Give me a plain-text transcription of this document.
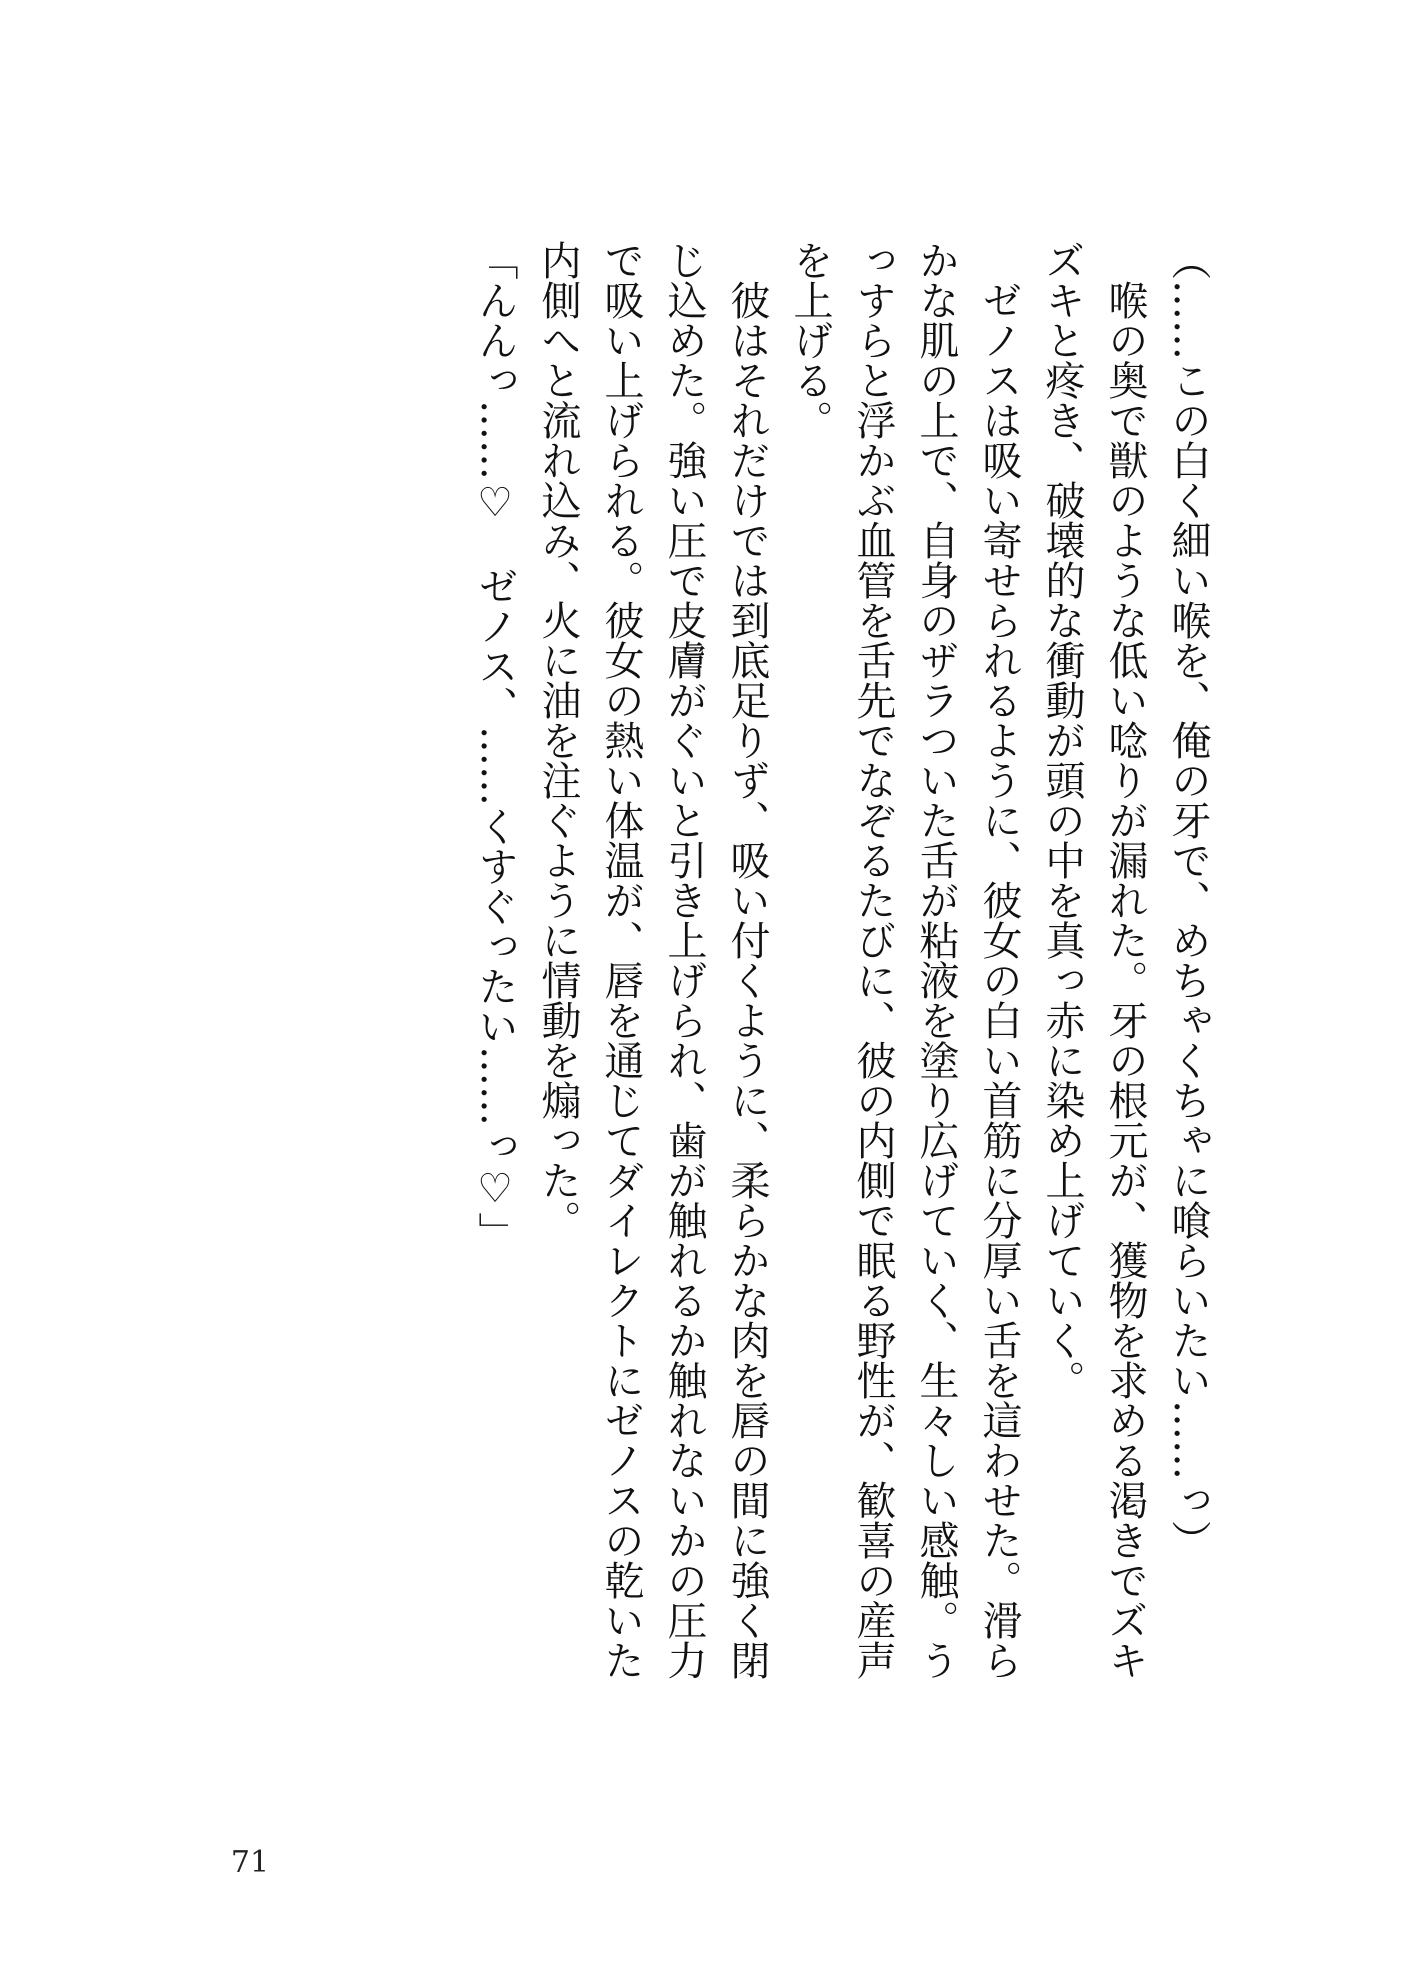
（……この白く細い喉を、俺の牙で、めちゃくちゃに喰らいたい……っ）

喉の奥で獣のような低い唸りが漏れた。牙の根元が、獲物を求める渇きでズキズキと疼き、破壊的な衝動が頭の中を真っ赤に染め上げていく。

ゼノスは吸い寄せられるように、彼女の白い首筋に分厚い舌を這わせた。滑らかな肌の上で、自身のザラついた舌が粘液を塗り広げていく、生々しい感触。うっすらと浮かぶ血管を舌先でなぞるたびに、彼の内側で眠る野性が、歓喜の産声を上げる。

彼はそれだけでは到底足りず、吸い付くように、柔らかな肉を唇の間に強く閉じ込めた。強い圧で皮膚がぐいと引き上げられ、歯が触れるか触れないかの圧力で吸い上げられる。彼女の熱い体温が、唇を通じてダイレクトにゼノスの乾いた内側へと流れ込み、火に油を注ぐように情動を煽った。

「んんっ……♡　ゼノス、……くすぐったい……っ♡」

71
